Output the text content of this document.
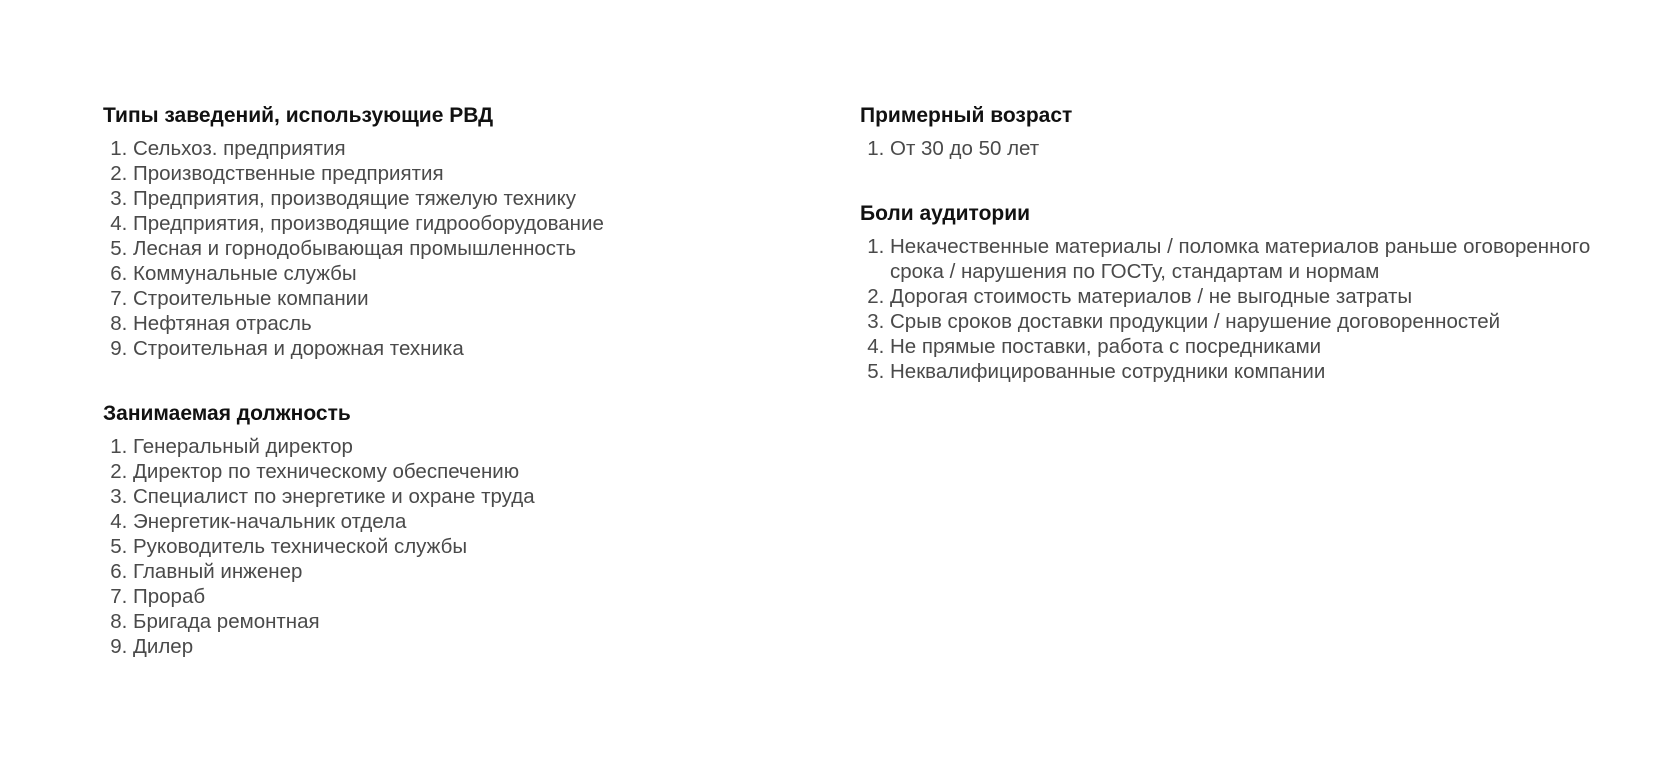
Типы заведений, использующие РВД
1. Сельхоз. предприятия
2. Производственные предприятия
3. Предприятия, производящие тяжелую технику
4. Предприятия, производящие гидрооборудование
5. Лесная и горнодобывающая промышленность
6. Коммунальные службы
7. Строительные компании
8. Нефтяная отрасль
9. Строительная и дорожная техника
Занимаемая должность
1. Генеральный директор
2. Директор по техническому обеспечению
3. Специалист по энергетике и охране труда
4. Энергетик-начальник отдела
5. Руководитель технической службы
6. Главный инженер
7. Прораб
8. Бригада ремонтная
9. Дилер
Примерный возраст
1. От 30 до 50 лет
Боли аудитории
1. Некачественные материалы / поломка материалов раньше оговоренного срока / нарушения по ГОСТу, стандартам и нормам
2. Дорогая стоимость материалов / не выгодные затраты
3. Срыв сроков доставки продукции / нарушение договоренностей
4. Не прямые поставки, работа с посредниками
5. Неквалифицированные сотрудники компании
